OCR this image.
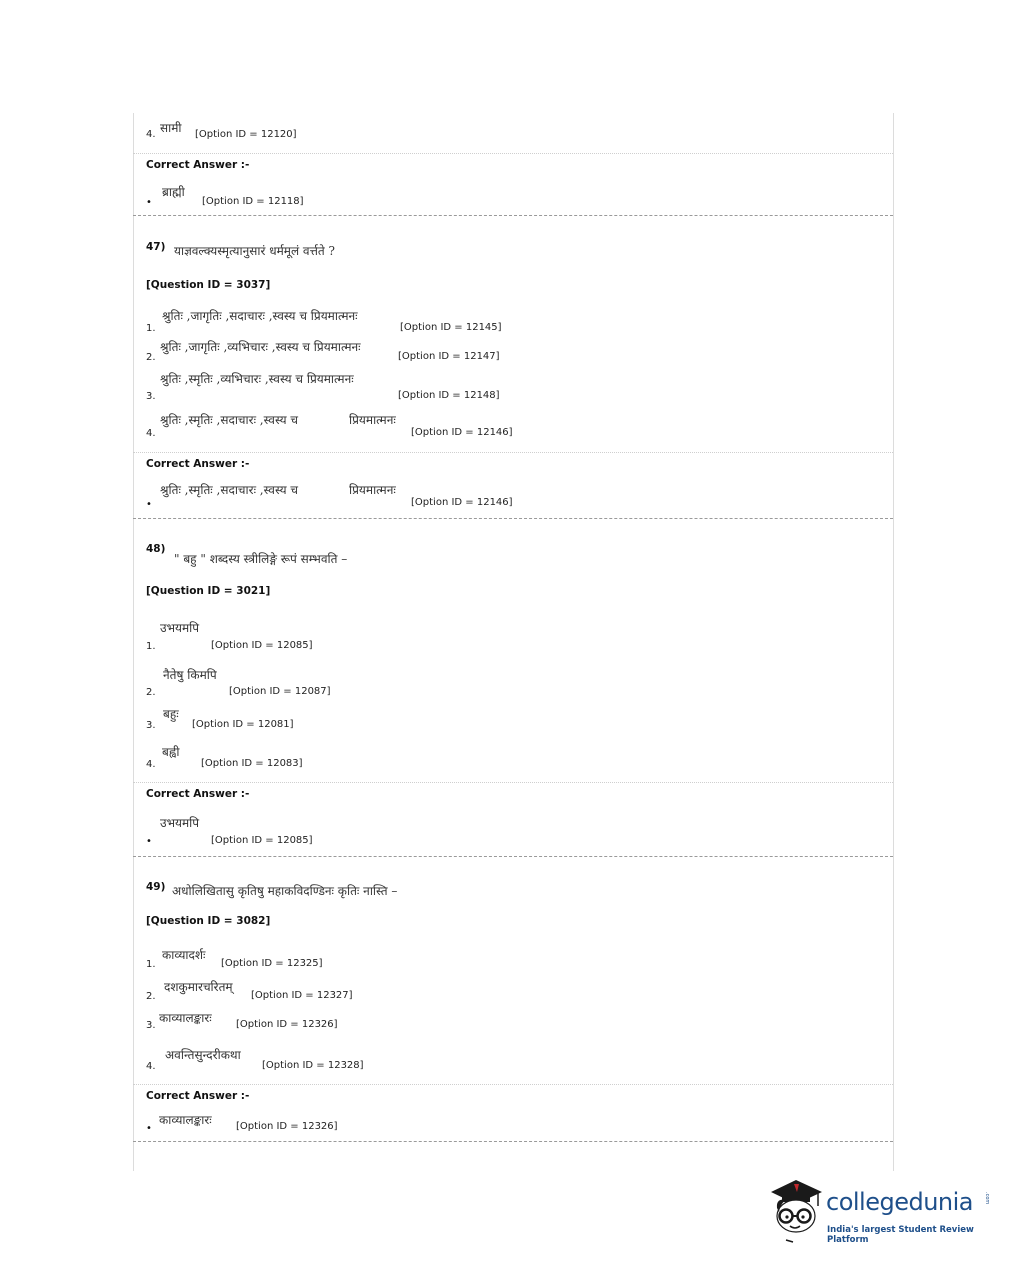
4. सामी [Option ID = 12120]
Correct Answer :-
ब्राह्मी
•	[Option ID = 12118]
47) याज्ञवल्क्यस्मृत्यानुसारं धर्ममूलं वर्त्तते ?
[Question ID = 3037]
श्रुतिः ,जागृतिः ,सदाचारः ,स्वस्य च प्रियमात्मनः
1.	[Option ID = 12145]
श्रुतिः ,जागृतिः ,व्यभिचारः ,स्वस्य च प्रियमात्मनः
2.	[Option ID = 12147]
श्रुतिः ,स्मृतिः ,व्यभिचारः ,स्वस्य च प्रियमात्मनः
3.	[Option ID = 12148]
श्रुतिः ,स्मृतिः ,सदाचारः ,स्वस्य च	प्रियमात्मनः
4.	[Option ID = 12146]
Correct Answer :-
श्रुतिः ,स्मृतिः ,सदाचारः ,स्वस्य च	प्रियमात्मनः
•	[Option ID = 12146]
48)
" बहु " शब्दस्य स्त्रीलिङ्गे रूपं सम्भवति –
[Question ID = 3021]
उभयमपि
1.	[Option ID = 12085]
नैतेषु किमपि
2.	[Option ID = 12087]
बहुः
3.	[Option ID = 12081]
बह्वी
4.	[Option ID = 12083]
Correct Answer :-
उभयमपि
•	[Option ID = 12085]
49) अधोलिखितासु कृतिषु महाकविदण्डिनः कृतिः नास्ति –
[Question ID = 3082]
काव्यादर्शः
1.	[Option ID = 12325]
दशकुमारचरितम्
2.	[Option ID = 12327]
काव्यालङ्कारः
3.	[Option ID = 12326]
अवन्तिसुन्दरीकथा
4.	[Option ID = 12328]
Correct Answer :-
काव्यालङ्कारः
•	[Option ID = 12326]
collegedunia .com
India's largest Student Review Platform
